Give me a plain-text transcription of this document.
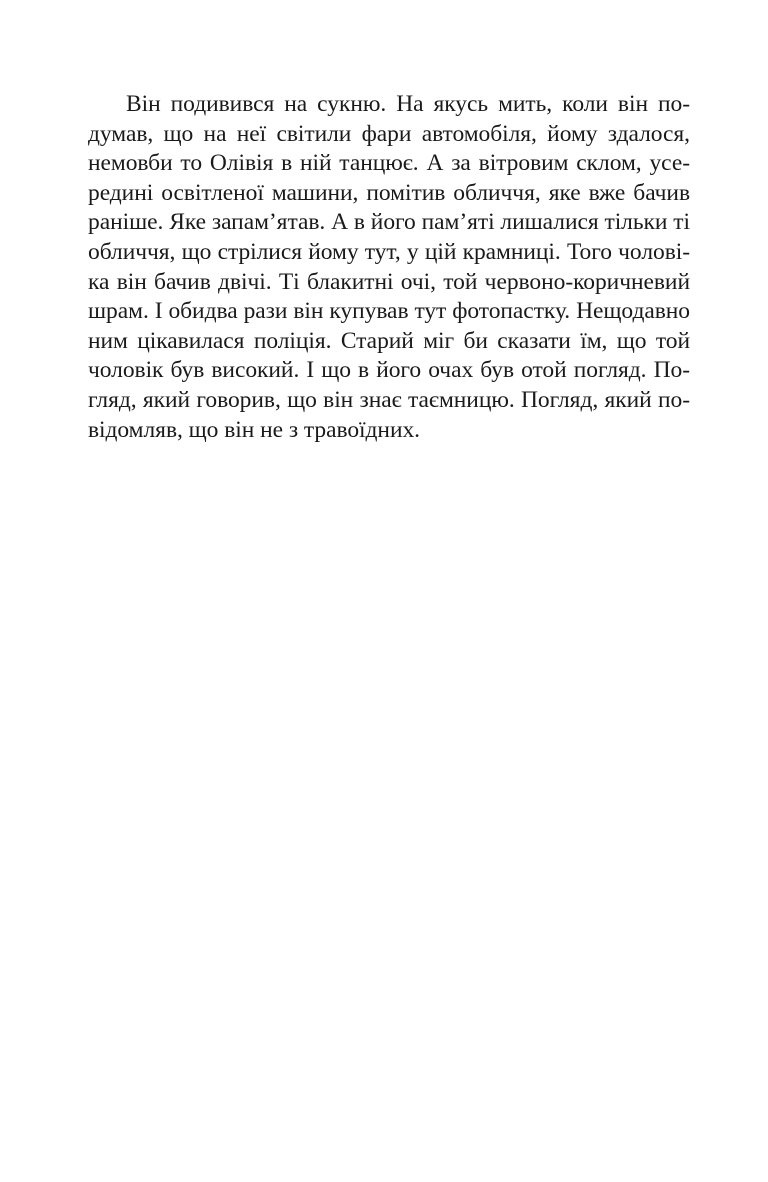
Він подивився на сукню. На якусь мить, коли він по-
думав, що на неї світили фари автомобіля, йому здалося,
немовби то Олівія в ній танцює. А за вітровим склом, усе-
редині освітленої машини, помітив обличчя, яке вже бачив
раніше. Яке запам’ятав. А в його пам’яті лишалися тільки ті
обличчя, що стрілися йому тут, у цій крамниці. Того чолові-
ка він бачив двічі. Ті блакитні очі, той червоно-коричневий
шрам. І обидва рази він купував тут фотопастку. Нещодавно
ним цікавилася поліція. Старий міг би сказати їм, що той
чоловік був високий. І що в його очах був отой погляд. По-
гляд, який говорив, що він знає таємницю. Погляд, який по-
відомляв, що він не з травоїдних.
